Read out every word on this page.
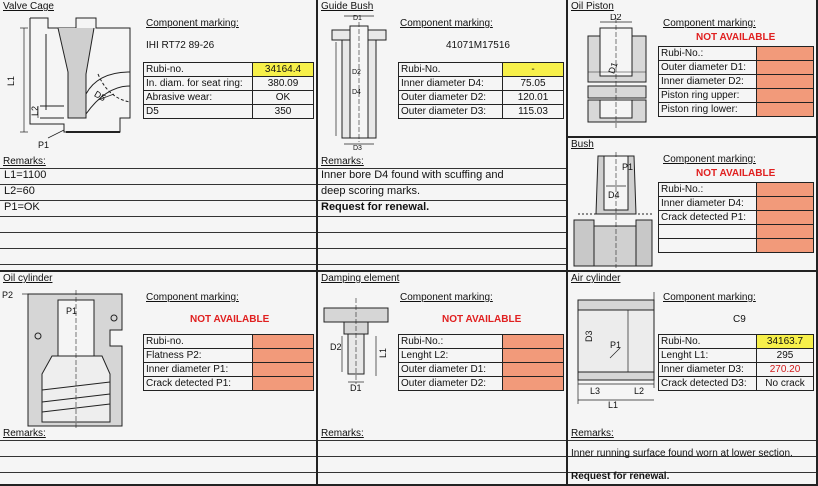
Valve Cage
L1
L2
D5
P1
Component marking:
IHI RT72 89-26
Rubi-no.	34164.4
In. diam. for seat ring:	380.09
Abrasive wear:	OK
D5	350
Remarks:
L1=1100
L2=60
P1=OK
Guide Bush
D1
D2
D4
D3
Component marking:
41071M17516
Rubi-No.	-
Inner diameter D4:	75.05
Outer diameter D2:	120.01
Outer diameter D3:	115.03
Remarks:
Inner bore D4 found with scuffing and
deep scoring marks.
Request for renewal.
Oil Piston
D2
D1
Component marking:
NOT AVAILABLE
Rubi-No.:	
Outer diameter D1:	
Inner diameter D2:	
Piston ring upper:	
Piston ring lower:	
Bush
P1
D4
Component marking:
NOT AVAILABLE
Rubi-No.:	
Inner diameter D4:	
Crack detected P1:	

Oil cylinder
P2
P1
Component marking:
NOT AVAILABLE
Rubi-no.	
Flatness P2:	
Inner diameter P1:	
Crack detected P1:	
Remarks:
Damping element
D2
L1
D1
Component marking:
NOT AVAILABLE
Rubi-No.:	
Lenght L2:	
Outer diameter D1:	
Outer diameter D2:	
Remarks:
Air cylinder
D3
P1
L3	L2
L1
Component marking:
C9
Rubi-No.	34163.7
Lenght L1:	295
Inner diameter D3:	270.20
Crack detected D3:	No crack
Remarks:
Inner running surface found worn at lower section.
Request for renewal.
